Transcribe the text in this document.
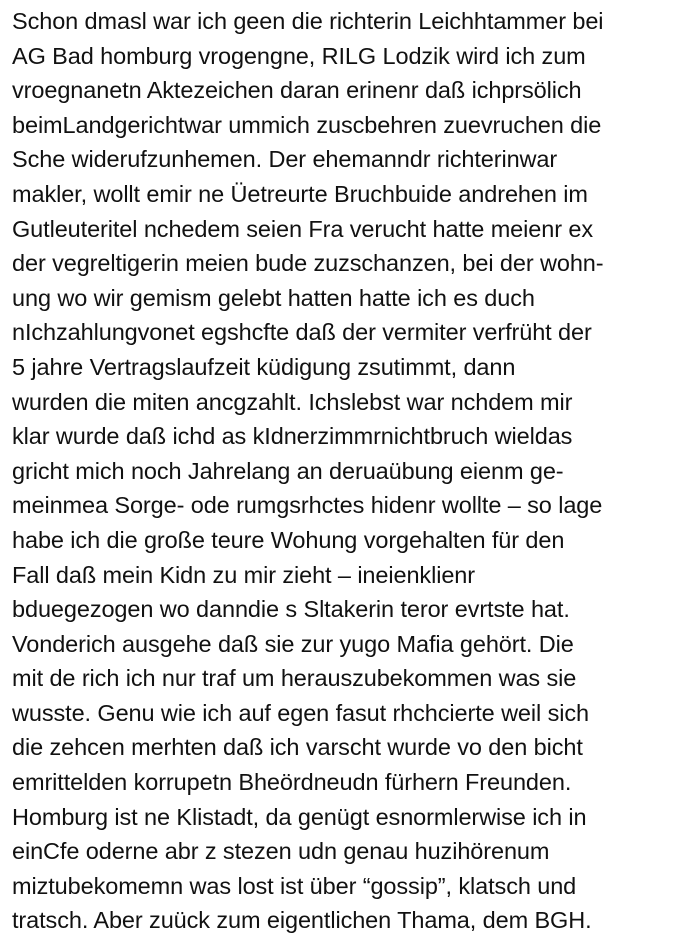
Schon dmasl war ich geen die richterin Leichhtammer bei
AG Bad homburg vrogengne, RILG Lodzik wird ich zum
vroegnanetn Aktezeichen daran erinenr daß ichprsölich
beimLandgerichtwar ummich zuscbehren zuevruchen die
Sche widerufzunhemen. Der ehemanndr richterinwar
makler, wollt emir ne Üetreurte Bruchbuide andrehen im
Gutleuteritel nchedem seien Fra verucht hatte meienr ex
der vegreltigerin meien bude zuzschanzen, bei der wohn-
ung wo wir gemism gelebt hatten hatte ich es duch
nIchzahlungvonet egshcfte daß der vermiter verfrüht der
5 jahre Vertragslaufzeit küdigung zsutimmt, dann
wurden die miten ancgzahlt. Ichslebst war nchdem mir
klar wurde daß ichd as kIdnerzimmrnichtbruch wieldas
gricht mich noch Jahrelang an deruaübung eienm ge-
meinmea Sorge- ode rumgsrhctes hidenr wollte – so lage
habe ich die große teure Wohung vorgehalten für den
Fall daß mein Kidn zu mir zieht – ineienklienr
bduegezogen wo danndie s Sltakerin teror evrtste hat.
Vonderich ausgehe daß sie zur yugo Mafia gehört. Die
mit de rich ich nur traf um herauszubekommen was sie
wusste. Genu wie ich auf egen fasut rhchcierte weil sich
die zehcen merhten daß ich varscht wurde vo den bicht
emrittelden korrupetn Bheördneudn fürhern Freunden.
Homburg ist ne Klistadt, da genügt esnormlerwise ich in
einCfe oderne abr z stezen udn genau huzihörenum
miztubekomemn was lost ist über “gossip”, klatsch und
tratsch. Aber zuück zum eigentlichen Thama, dem BGH.
